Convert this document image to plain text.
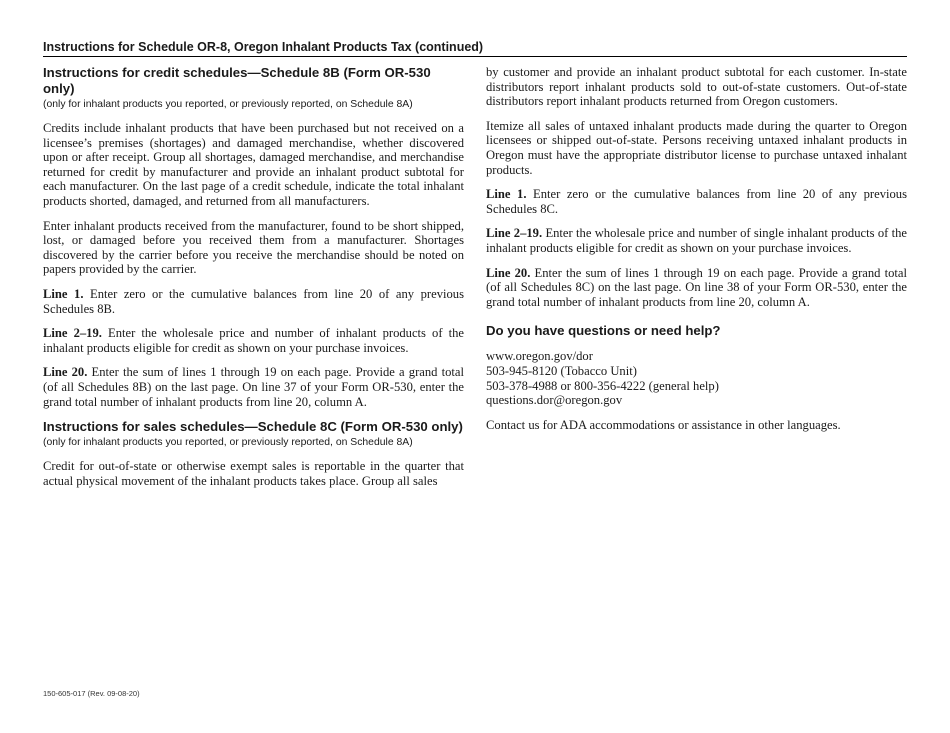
Instructions for Schedule OR-8, Oregon Inhalant Products Tax (continued)
Instructions for credit schedules—Schedule 8B (Form OR-530 only)
(only for inhalant products you reported, or previously reported, on Schedule 8A)

Credits include inhalant products that have been purchased but not received on a licensee’s premises (shortages) and damaged merchandise, whether discovered upon or after receipt. Group all shortages, damaged merchandise, and merchandise returned for credit by manufacturer and provide an inhalant product subtotal for each manufacturer. On the last page of a credit schedule, indicate the total inhalant products shorted, damaged, and returned from all manufacturers.

Enter inhalant products received from the manufacturer, found to be short shipped, lost, or damaged before you received them from a manufacturer. Shortages discovered by the carrier before you receive the merchandise should be noted on papers provided by the carrier.

Line 1. Enter zero or the cumulative balances from line 20 of any previous Schedules 8B.

Line 2–19. Enter the wholesale price and number of inhalant products of the inhalant products eligible for credit as shown on your purchase invoices.

Line 20. Enter the sum of lines 1 through 19 on each page. Provide a grand total (of all Schedules 8B) on the last page. On line 37 of your Form OR-530, enter the grand total number of inhalant products from line 20, column A.

Instructions for sales schedules—Schedule 8C (Form OR-530 only)
(only for inhalant products you reported, or previously reported, on Schedule 8A)

Credit for out-of-state or otherwise exempt sales is reportable in the quarter that actual physical movement of the inhalant products takes place. Group all sales

by customer and provide an inhalant product subtotal for each customer. In-state distributors report inhalant products sold to out-of-state customers. Out-of-state distributors report inhalant products returned from Oregon customers.

Itemize all sales of untaxed inhalant products made during the quarter to Oregon licensees or shipped out-of-state. Persons receiving untaxed inhalant products in Oregon must have the appropriate distributor license to purchase untaxed inhalant products.

Line 1. Enter zero or the cumulative balances from line 20 of any previous Schedules 8C.

Line 2–19. Enter the wholesale price and number of single inhalant products of the inhalant products eligible for credit as shown on your purchase invoices.

Line 20. Enter the sum of lines 1 through 19 on each page. Provide a grand total (of all Schedules 8C) on the last page. On line 38 of your Form OR-530, enter the grand total number of inhalant products from line 20, column A.

Do you have questions or need help?
www.oregon.gov/dor
503-945-8120 (Tobacco Unit)
503-378-4988 or 800-356-4222 (general help)
questions.dor@oregon.gov

Contact us for ADA accommodations or assistance in other languages.

150-605-017 (Rev. 09-08-20)
